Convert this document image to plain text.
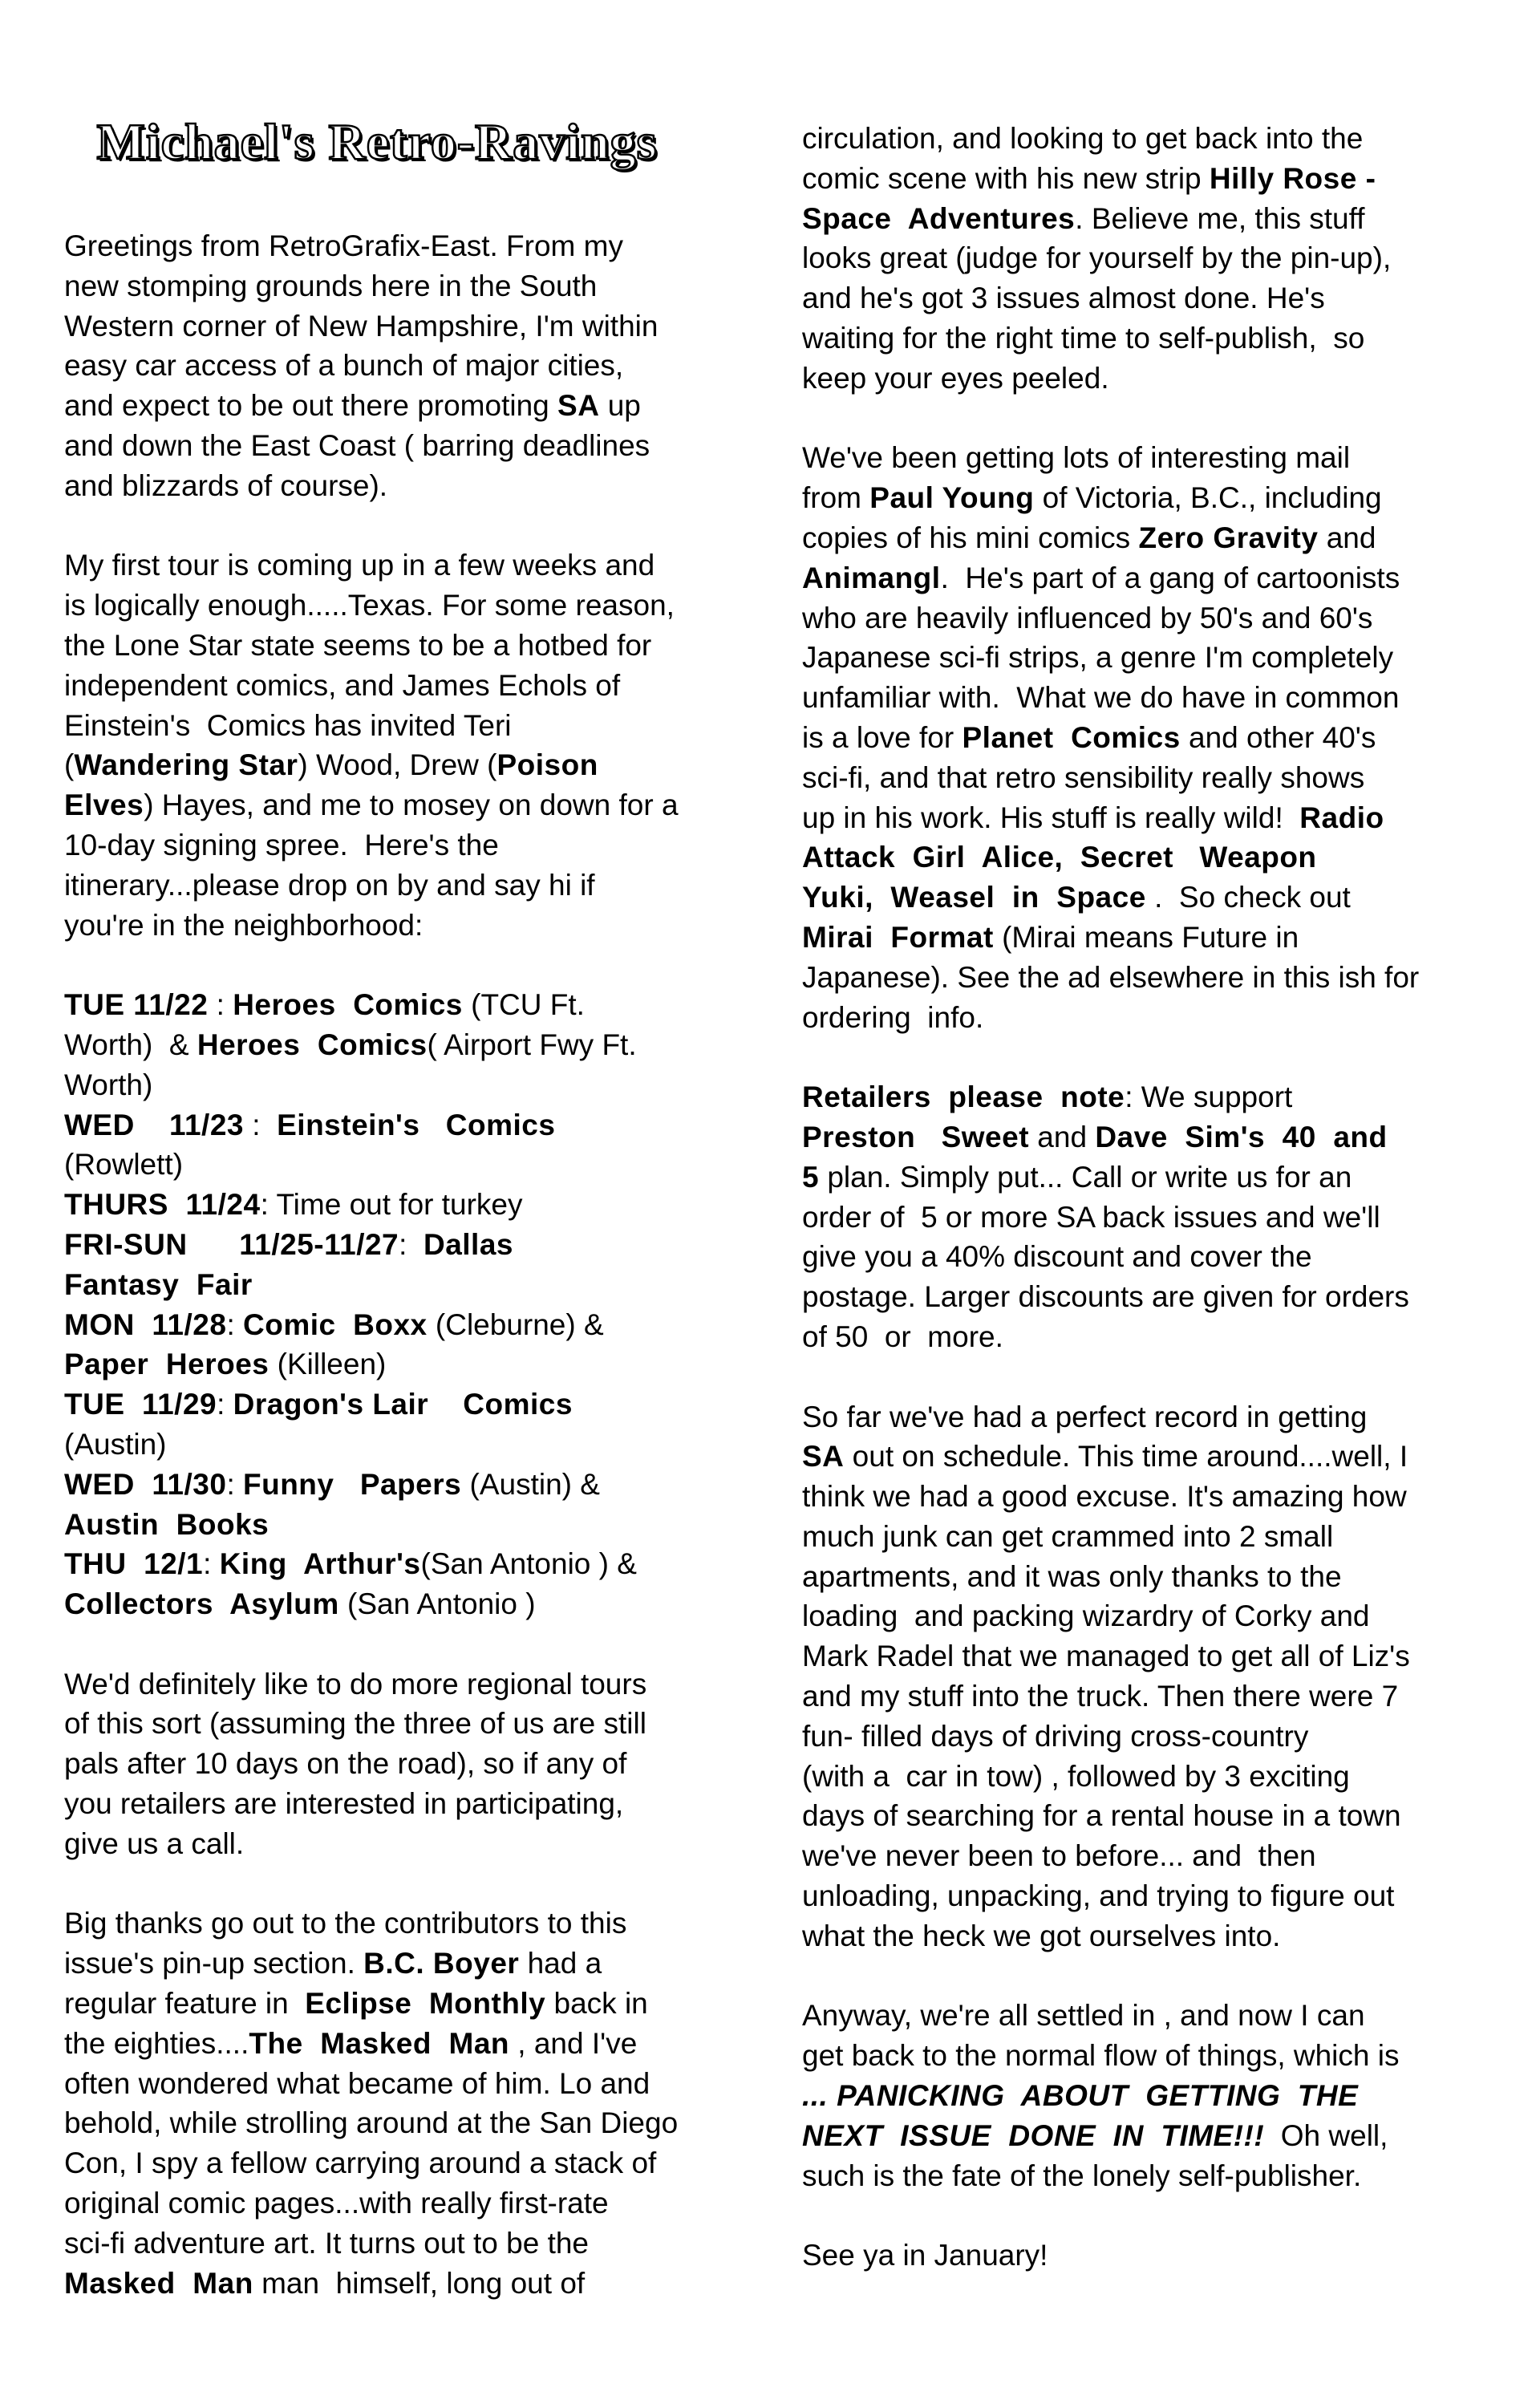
Michael's Retro-Ravings
Greetings from RetroGrafix-East. From my
new stomping grounds here in the South
Western corner of New Hampshire, I'm within
easy car access of a bunch of major cities,
and expect to be out there promoting SA up
and down the East Coast ( barring deadlines
and blizzards of course).
My first tour is coming up in a few weeks and
is logically enough.....Texas. For some reason,
the Lone Star state seems to be a hotbed for
independent comics, and James Echols of
Einstein's  Comics has invited Teri
(Wandering Star) Wood, Drew (Poison
Elves) Hayes, and me to mosey on down for a
10-day signing spree.  Here's the
itinerary...please drop on by and say hi if
you're in the neighborhood:
TUE 11/22 : Heroes  Comics (TCU Ft.
Worth)  & Heroes  Comics( Airport Fwy Ft.
Worth)
WED    11/23 :  Einstein's   Comics
(Rowlett)
THURS  11/24: Time out for turkey
FRI-SUN      11/25-11/27:  Dallas
Fantasy  Fair
MON  11/28: Comic  Boxx (Cleburne) &
Paper  Heroes (Killeen)
TUE  11/29: Dragon's Lair    Comics
(Austin)
WED  11/30: Funny   Papers (Austin) &
Austin  Books
THU  12/1: King  Arthur's(San Antonio ) &
Collectors  Asylum (San Antonio )
We'd definitely like to do more regional tours
of this sort (assuming the three of us are still
pals after 10 days on the road), so if any of
you retailers are interested in participating,
give us a call.
Big thanks go out to the contributors to this
issue's pin-up section. B.C. Boyer had a
regular feature in  Eclipse  Monthly back in
the eighties....The  Masked  Man , and I've
often wondered what became of him. Lo and
behold, while strolling around at the San Diego
Con, I spy a fellow carrying around a stack of
original comic pages...with really first-rate
sci-fi adventure art. It turns out to be the
Masked  Man man  himself, long out of
circulation, and looking to get back into the
comic scene with his new strip Hilly Rose -
Space  Adventures. Believe me, this stuff
looks great (judge for yourself by the pin-up),
and he's got 3 issues almost done. He's
waiting for the right time to self-publish,  so
keep your eyes peeled.
We've been getting lots of interesting mail
from Paul Young of Victoria, B.C., including
copies of his mini comics Zero Gravity and
Animangl.  He's part of a gang of cartoonists
who are heavily influenced by 50's and 60's
Japanese sci-fi strips, a genre I'm completely
unfamiliar with.  What we do have in common
is a love for Planet  Comics and other 40's
sci-fi, and that retro sensibility really shows
up in his work. His stuff is really wild!  Radio
Attack  Girl  Alice,  Secret   Weapon
Yuki,  Weasel  in  Space .  So check out
Mirai  Format (Mirai means Future in
Japanese). See the ad elsewhere in this ish for
ordering  info.
Retailers  please  note: We support
Preston   Sweet and Dave  Sim's  40  and
5 plan. Simply put... Call or write us for an
order of  5 or more SA back issues and we'll
give you a 40% discount and cover the
postage. Larger discounts are given for orders
of 50  or  more.
So far we've had a perfect record in getting
SA out on schedule. This time around....well, I
think we had a good excuse. It's amazing how
much junk can get crammed into 2 small
apartments, and it was only thanks to the
loading  and packing wizardry of Corky and
Mark Radel that we managed to get all of Liz's
and my stuff into the truck. Then there were 7
fun- filled days of driving cross-country
(with a  car in tow) , followed by 3 exciting
days of searching for a rental house in a town
we've never been to before... and  then
unloading, unpacking, and trying to figure out
what the heck we got ourselves into.
Anyway, we're all settled in , and now I can
get back to the normal flow of things, which is
... PANICKING  ABOUT  GETTING  THE
NEXT  ISSUE  DONE  IN  TIME!!!  Oh well,
such is the fate of the lonely self-publisher.
See ya in January!
